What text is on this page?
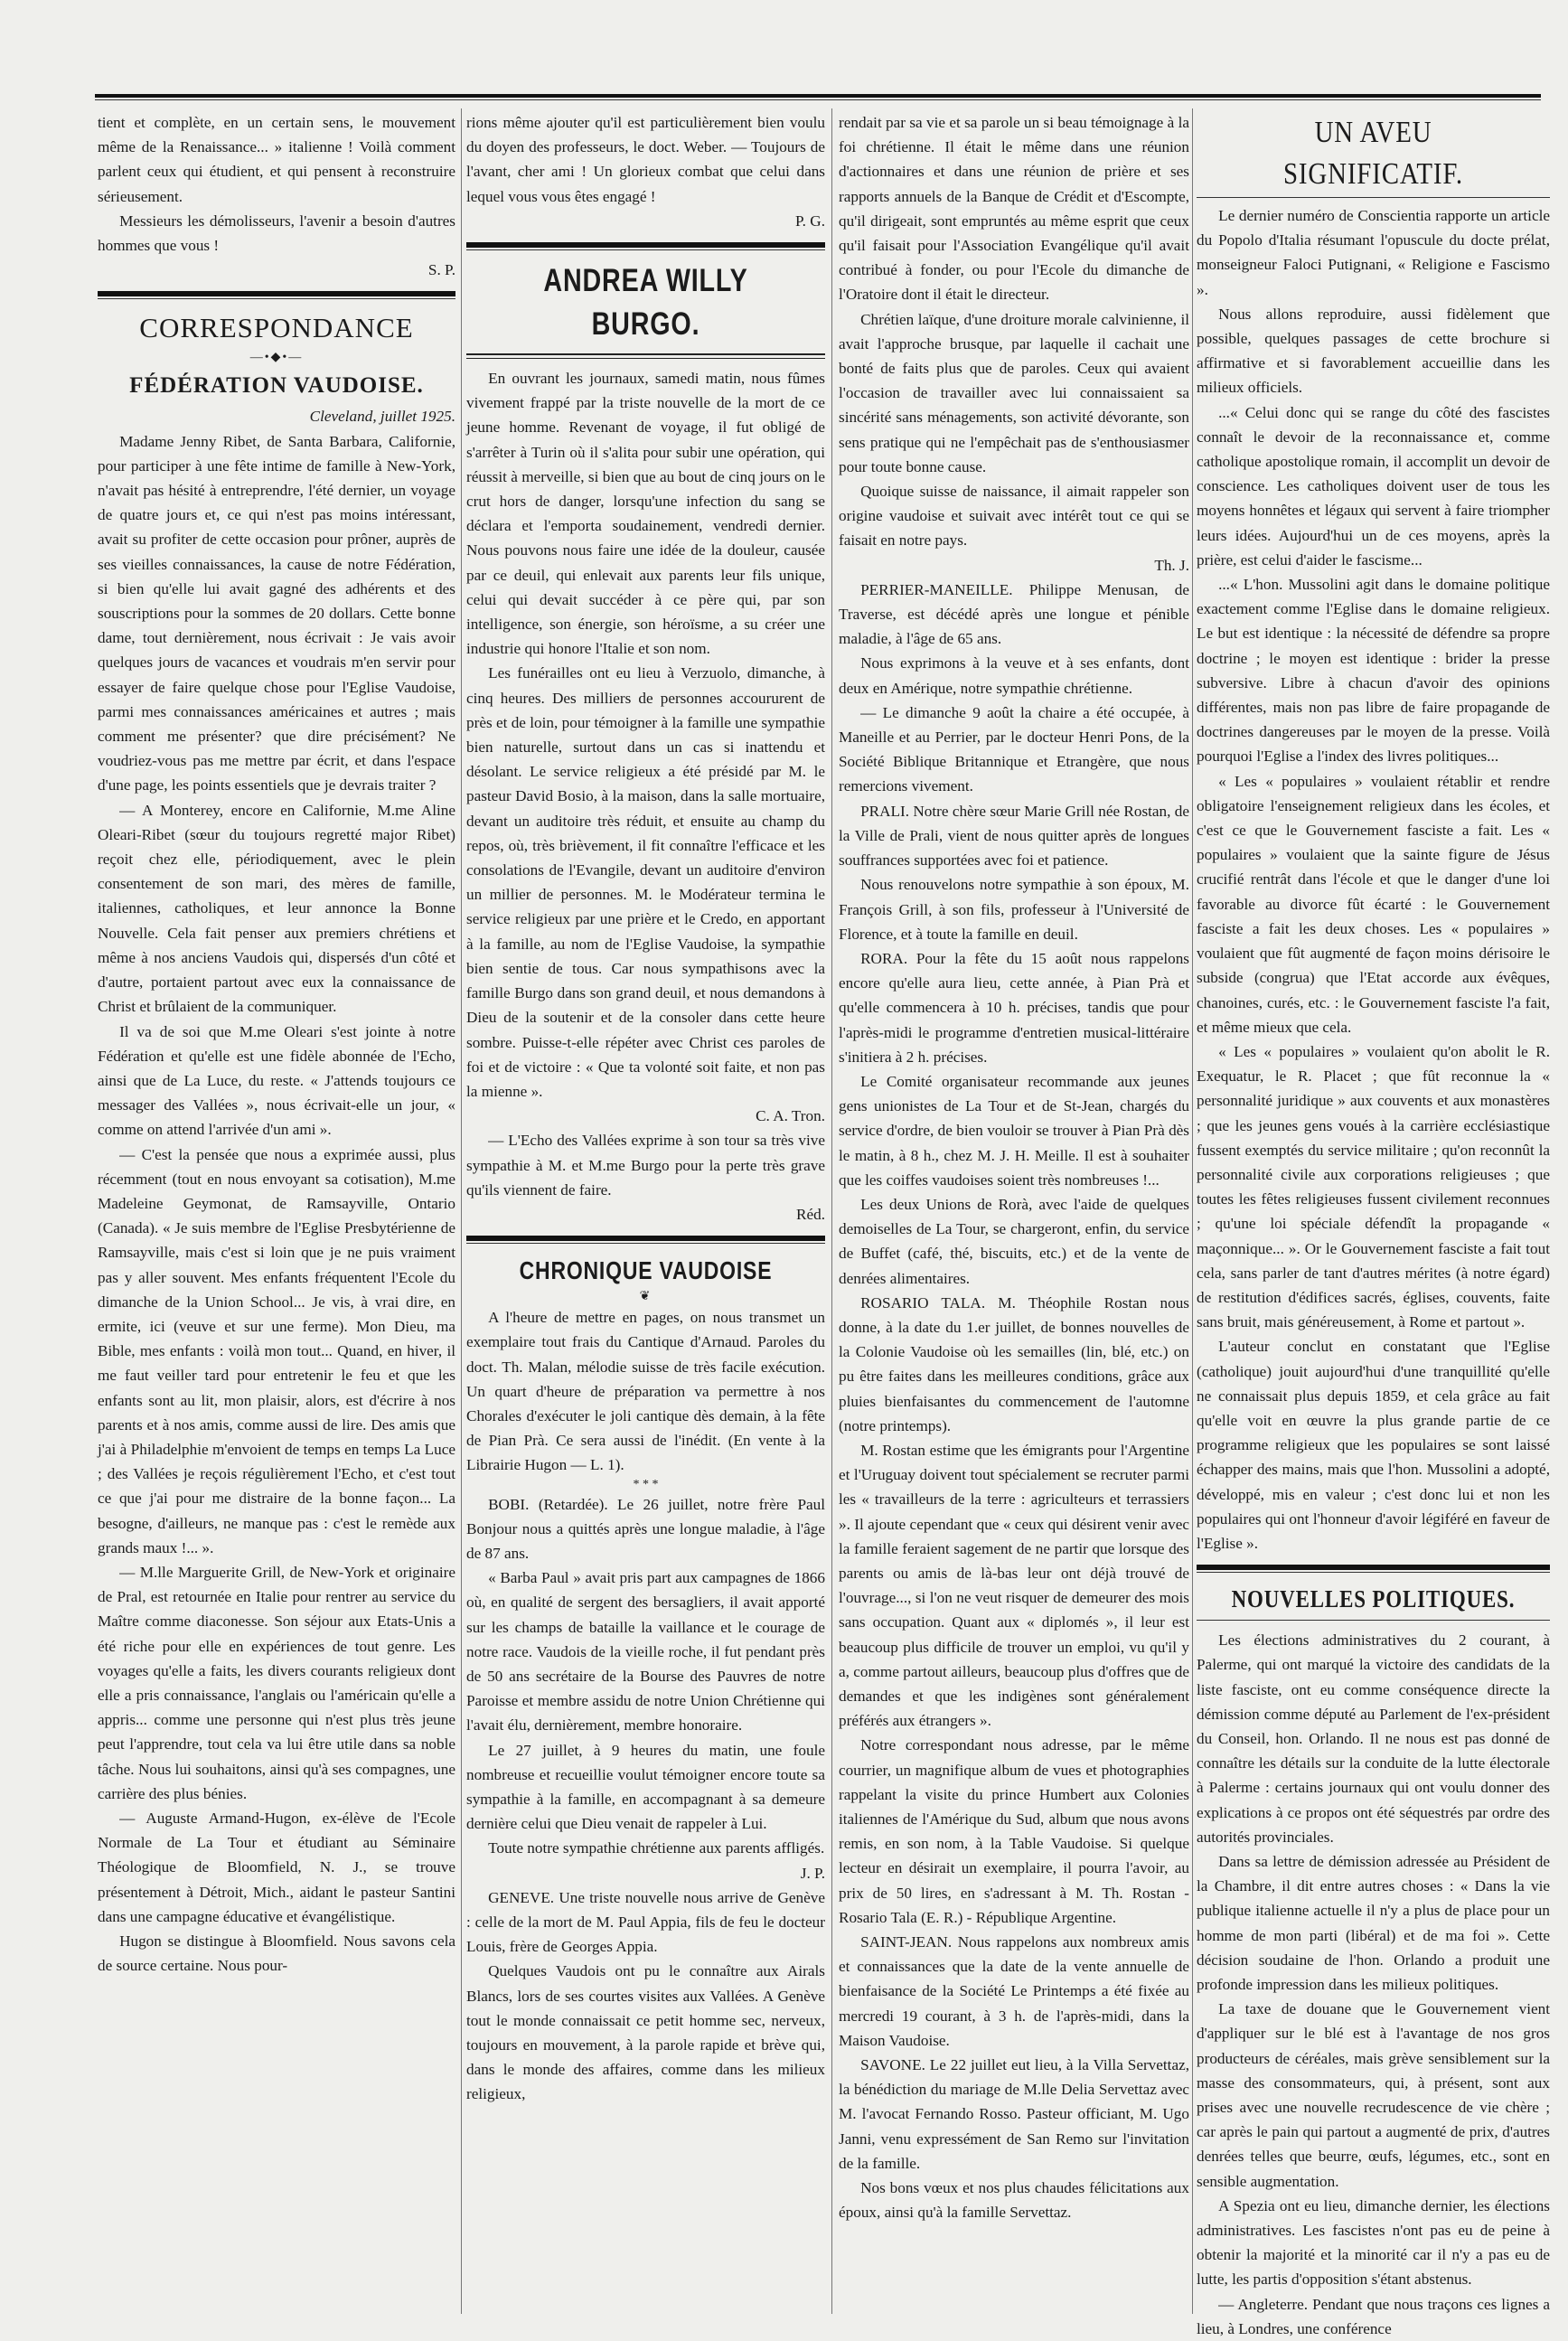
tient et complète, en un certain sens, le mouvement même de la Renaissance... » italienne ! Voilà comment parlent ceux qui étudient, et qui pensent à reconstruire sérieusement.

Messieurs les démolisseurs, l'avenir a besoin d'autres hommes que vous !

S. P.

CORRESPONDANCE
—•◆•—
FÉDÉRATION VAUDOISE.

Cleveland, juillet 1925.

Madame Jenny Ribet, de Santa Barbara, Californie, pour participer à une fête intime de famille à New-York, n'avait pas hésité à entreprendre, l'été dernier, un voyage de quatre jours et, ce qui n'est pas moins intéressant, avait su profiter de cette occasion pour prôner, auprès de ses vieilles connaissances, la cause de notre Fédération, si bien qu'elle lui avait gagné des adhérents et des souscriptions pour la sommes de 20 dollars. Cette bonne dame, tout dernièrement, nous écrivait : Je vais avoir quelques jours de vacances et voudrais m'en servir pour essayer de faire quelque chose pour l'Eglise Vaudoise, parmi mes connaissances américaines et autres ; mais comment me présenter? que dire précisément? Ne voudriez-vous pas me mettre par écrit, et dans l'espace d'une page, les points essentiels que je devrais traiter ?

— A Monterey, encore en Californie, M.me Aline Oleari-Ribet (sœur du toujours regretté major Ribet) reçoit chez elle, périodiquement, avec le plein consentement de son mari, des mères de famille, italiennes, catholiques, et leur annonce la Bonne Nouvelle. Cela fait penser aux premiers chrétiens et même à nos anciens Vaudois qui, dispersés d'un côté et d'autre, portaient partout avec eux la connaissance de Christ et brûlaient de la communiquer.

Il va de soi que M.me Oleari s'est jointe à notre Fédération et qu'elle est une fidèle abonnée de l'Echo, ainsi que de La Luce, du reste. « J'attends toujours ce messager des Vallées », nous écrivait-elle un jour, « comme on attend l'arrivée d'un ami ».

— C'est la pensée que nous a exprimée aussi, plus récemment (tout en nous envoyant sa cotisation), M.me Madeleine Geymonat, de Ramsayville, Ontario (Canada). « Je suis membre de l'Eglise Presbytérienne de Ramsayville, mais c'est si loin que je ne puis vraiment pas y aller souvent. Mes enfants fréquentent l'Ecole du dimanche de la Union School... Je vis, à vrai dire, en ermite, ici (veuve et sur une ferme). Mon Dieu, ma Bible, mes enfants : voilà mon tout... Quand, en hiver, il me faut veiller tard pour entretenir le feu et que les enfants sont au lit, mon plaisir, alors, est d'écrire à nos parents et à nos amis, comme aussi de lire. Des amis que j'ai à Philadelphie m'envoient de temps en temps La Luce ; des Vallées je reçois régulièrement l'Echo, et c'est tout ce que j'ai pour me distraire de la bonne façon... La besogne, d'ailleurs, ne manque pas : c'est le remède aux grands maux !... ».

— M.lle Marguerite Grill, de New-York et originaire de Pral, est retournée en Italie pour rentrer au service du Maître comme diaconesse. Son séjour aux Etats-Unis a été riche pour elle en expériences de tout genre. Les voyages qu'elle a faits, les divers courants religieux dont elle a pris connaissance, l'anglais ou l'américain qu'elle a appris... comme une personne qui n'est plus très jeune peut l'apprendre, tout cela va lui être utile dans sa noble tâche. Nous lui souhaitons, ainsi qu'à ses compagnes, une carrière des plus bénies.

— Auguste Armand-Hugon, ex-élève de l'Ecole Normale de La Tour et étudiant au Séminaire Théologique de Bloomfield, N. J., se trouve présentement à Détroit, Mich., aidant le pasteur Santini dans une campagne éducative et évangélistique.

Hugon se distingue à Bloomfield. Nous savons cela de source certaine. Nous pour-

rions même ajouter qu'il est particulièrement bien voulu du doyen des professeurs, le doct. Weber. — Toujours de l'avant, cher ami ! Un glorieux combat que celui dans lequel vous vous êtes engagé !

P. G.

ANDREA WILLY BURGO.

En ouvrant les journaux, samedi matin, nous fûmes vivement frappé par la triste nouvelle de la mort de ce jeune homme. Revenant de voyage, il fut obligé de s'arrêter à Turin où il s'alita pour subir une opération, qui réussit à merveille, si bien que au bout de cinq jours on le crut hors de danger, lorsqu'une infection du sang se déclara et l'emporta soudainement, vendredi dernier. Nous pouvons nous faire une idée de la douleur, causée par ce deuil, qui enlevait aux parents leur fils unique, celui qui devait succéder à ce père qui, par son intelligence, son énergie, son héroïsme, a su créer une industrie qui honore l'Italie et son nom.

Les funérailles ont eu lieu à Verzuolo, dimanche, à cinq heures. Des milliers de personnes accoururent de près et de loin, pour témoigner à la famille une sympathie bien naturelle, surtout dans un cas si inattendu et désolant. Le service religieux a été présidé par M. le pasteur David Bosio, à la maison, dans la salle mortuaire, devant un auditoire très réduit, et ensuite au champ du repos, où, très brièvement, il fit connaître l'efficace et les consolations de l'Evangile, devant un auditoire d'environ un millier de personnes. M. le Modérateur termina le service religieux par une prière et le Credo, en apportant à la famille, au nom de l'Eglise Vaudoise, la sympathie bien sentie de tous. Car nous sympathisons avec la famille Burgo dans son grand deuil, et nous demandons à Dieu de la soutenir et de la consoler dans cette heure sombre. Puisse-t-elle répéter avec Christ ces paroles de foi et de victoire : « Que ta volonté soit faite, et non pas la mienne ».

C. A. Tron.

— L'Echo des Vallées exprime à son tour sa très vive sympathie à M. et M.me Burgo pour la perte très grave qu'ils viennent de faire.

Réd.

CHRONIQUE VAUDOISE
❦

A l'heure de mettre en pages, on nous transmet un exemplaire tout frais du Cantique d'Arnaud. Paroles du doct. Th. Malan, mélodie suisse de très facile exécution. Un quart d'heure de préparation va permettre à nos Chorales d'exécuter le joli cantique dès demain, à la fête de Pian Prà. Ce sera aussi de l'inédit. (En vente à la Librairie Hugon — L. 1).

* * *

BOBI. (Retardée). Le 26 juillet, notre frère Paul Bonjour nous a quittés après une longue maladie, à l'âge de 87 ans.

« Barba Paul » avait pris part aux campagnes de 1866 où, en qualité de sergent des bersagliers, il avait apporté sur les champs de bataille la vaillance et le courage de notre race. Vaudois de la vieille roche, il fut pendant près de 50 ans secrétaire de la Bourse des Pauvres de notre Paroisse et membre assidu de notre Union Chrétienne qui l'avait élu, dernièrement, membre honoraire.

Le 27 juillet, à 9 heures du matin, une foule nombreuse et recueillie voulut témoigner encore toute sa sympathie à la famille, en accompagnant à sa demeure dernière celui que Dieu venait de rappeler à Lui.

Toute notre sympathie chrétienne aux parents affligés.

J. P.

GENEVE. Une triste nouvelle nous arrive de Genève : celle de la mort de M. Paul Appia, fils de feu le docteur Louis, frère de Georges Appia.

Quelques Vaudois ont pu le connaître aux Airals Blancs, lors de ses courtes visites aux Vallées. A Genève tout le monde connaissait ce petit homme sec, nerveux, toujours en mouvement, à la parole rapide et brève qui, dans le monde des affaires, comme dans les milieux religieux,

rendait par sa vie et sa parole un si beau témoignage à la foi chrétienne. Il était le même dans une réunion d'actionnaires et dans une réunion de prière et ses rapports annuels de la Banque de Crédit et d'Escompte, qu'il dirigeait, sont empruntés au même esprit que ceux qu'il faisait pour l'Association Evangélique qu'il avait contribué à fonder, ou pour l'Ecole du dimanche de l'Oratoire dont il était le directeur.

Chrétien laïque, d'une droiture morale calvinienne, il avait l'approche brusque, par laquelle il cachait une bonté de faits plus que de paroles. Ceux qui avaient l'occasion de travailler avec lui connaissaient sa sincérité sans ménagements, son activité dévorante, son sens pratique qui ne l'empêchait pas de s'enthousiasmer pour toute bonne cause.

Quoique suisse de naissance, il aimait rappeler son origine vaudoise et suivait avec intérêt tout ce qui se faisait en notre pays.

Th. J.

PERRIER-MANEILLE. Philippe Menusan, de Traverse, est décédé après une longue et pénible maladie, à l'âge de 65 ans.

Nous exprimons à la veuve et à ses enfants, dont deux en Amérique, notre sympathie chrétienne.

— Le dimanche 9 août la chaire a été occupée, à Maneille et au Perrier, par le docteur Henri Pons, de la Société Biblique Britannique et Etrangère, que nous remercions vivement.

PRALI. Notre chère sœur Marie Grill née Rostan, de la Ville de Prali, vient de nous quitter après de longues souffrances supportées avec foi et patience.

Nous renouvelons notre sympathie à son époux, M. François Grill, à son fils, professeur à l'Université de Florence, et à toute la famille en deuil.

RORA. Pour la fête du 15 août nous rappelons encore qu'elle aura lieu, cette année, à Pian Prà et qu'elle commencera à 10 h. précises, tandis que pour l'après-midi le programme d'entretien musical-littéraire s'initiera à 2 h. précises.

Le Comité organisateur recommande aux jeunes gens unionistes de La Tour et de St-Jean, chargés du service d'ordre, de bien vouloir se trouver à Pian Prà dès le matin, à 8 h., chez M. J. H. Meille. Il est à souhaiter que les coiffes vaudoises soient très nombreuses !...

Les deux Unions de Rorà, avec l'aide de quelques demoiselles de La Tour, se chargeront, enfin, du service de Buffet (café, thé, biscuits, etc.) et de la vente de denrées alimentaires.

ROSARIO TALA. M. Théophile Rostan nous donne, à la date du 1.er juillet, de bonnes nouvelles de la Colonie Vaudoise où les semailles (lin, blé, etc.) on pu être faites dans les meilleures conditions, grâce aux pluies bienfaisantes du commencement de l'automne (notre printemps).

M. Rostan estime que les émigrants pour l'Argentine et l'Uruguay doivent tout spécialement se recruter parmi les « travailleurs de la terre : agriculteurs et terrassiers ». Il ajoute cependant que « ceux qui désirent venir avec la famille feraient sagement de ne partir que lorsque des parents ou amis de là-bas leur ont déjà trouvé de l'ouvrage..., si l'on ne veut risquer de demeurer des mois sans occupation. Quant aux « diplomés », il leur est beaucoup plus difficile de trouver un emploi, vu qu'il y a, comme partout ailleurs, beaucoup plus d'offres que de demandes et que les indigènes sont généralement préférés aux étrangers ».

Notre correspondant nous adresse, par le même courrier, un magnifique album de vues et photographies rappelant la visite du prince Humbert aux Colonies italiennes de l'Amérique du Sud, album que nous avons remis, en son nom, à la Table Vaudoise. Si quelque lecteur en désirait un exemplaire, il pourra l'avoir, au prix de 50 lires, en s'adressant à M. Th. Rostan - Rosario Tala (E. R.) - République Argentine.

SAINT-JEAN. Nous rappelons aux nombreux amis et connaissances que la date de la vente annuelle de bienfaisance de la Société Le Printemps a été fixée au mercredi 19 courant, à 3 h. de l'après-midi, dans la Maison Vaudoise.

SAVONE. Le 22 juillet eut lieu, à la Villa Servettaz, la bénédiction du mariage de M.lle Delia Servettaz avec M. l'avocat Fernando Rosso. Pasteur officiant, M. Ugo Janni, venu expressément de San Remo sur l'invitation de la famille.

Nos bons vœux et nos plus chaudes félicitations aux époux, ainsi qu'à la famille Servettaz.

UN AVEU SIGNIFICATIF.

Le dernier numéro de Conscientia rapporte un article du Popolo d'Italia résumant l'opuscule du docte prélat, monseigneur Faloci Putignani, « Religione e Fascismo ».

Nous allons reproduire, aussi fidèlement que possible, quelques passages de cette brochure si affirmative et si favorablement accueillie dans les milieux officiels.

...« Celui donc qui se range du côté des fascistes connaît le devoir de la reconnaissance et, comme catholique apostolique romain, il accomplit un devoir de conscience. Les catholiques doivent user de tous les moyens honnêtes et légaux qui servent à faire triompher leurs idées. Aujourd'hui un de ces moyens, après la prière, est celui d'aider le fascisme...

...« L'hon. Mussolini agit dans le domaine politique exactement comme l'Eglise dans le domaine religieux. Le but est identique : la nécessité de défendre sa propre doctrine ; le moyen est identique : brider la presse subversive. Libre à chacun d'avoir des opinions différentes, mais non pas libre de faire propagande de doctrines dangereuses par le moyen de la presse. Voilà pourquoi l'Eglise a l'index des livres politiques...

« Les « populaires » voulaient rétablir et rendre obligatoire l'enseignement religieux dans les écoles, et c'est ce que le Gouvernement fasciste a fait. Les « populaires » voulaient que la sainte figure de Jésus crucifié rentrât dans l'école et que le danger d'une loi favorable au divorce fût écarté : le Gouvernement fasciste a fait les deux choses. Les « populaires » voulaient que fût augmenté de façon moins dérisoire le subside (congrua) que l'Etat accorde aux évêques, chanoines, curés, etc. : le Gouvernement fasciste l'a fait, et même mieux que cela.

« Les « populaires » voulaient qu'on abolit le R. Exequatur, le R. Placet ; que fût reconnue la « personnalité juridique » aux couvents et aux monastères ; que les jeunes gens voués à la carrière ecclésiastique fussent exemptés du service militaire ; qu'on reconnût la personnalité civile aux corporations religieuses ; que toutes les fêtes religieuses fussent civilement reconnues ; qu'une loi spéciale défendît la propagande « maçonnique... ». Or le Gouvernement fasciste a fait tout cela, sans parler de tant d'autres mérites (à notre égard) de restitution d'édifices sacrés, églises, couvents, faite sans bruit, mais généreusement, à Rome et partout ».

L'auteur conclut en constatant que l'Eglise (catholique) jouit aujourd'hui d'une tranquillité qu'elle ne connaissait plus depuis 1859, et cela grâce au fait qu'elle voit en œuvre la plus grande partie de ce programme religieux que les populaires se sont laissé échapper des mains, mais que l'hon. Mussolini a adopté, développé, mis en valeur ; c'est donc lui et non les populaires qui ont l'honneur d'avoir légiféré en faveur de l'Eglise ».

NOUVELLES POLITIQUES.

Les élections administratives du 2 courant, à Palerme, qui ont marqué la victoire des candidats de la liste fasciste, ont eu comme conséquence directe la démission comme député au Parlement de l'ex-président du Conseil, hon. Orlando. Il ne nous est pas donné de connaître les détails sur la conduite de la lutte électorale à Palerme : certains journaux qui ont voulu donner des explications à ce propos ont été séquestrés par ordre des autorités provinciales.

Dans sa lettre de démission adressée au Président de la Chambre, il dit entre autres choses : « Dans la vie publique italienne actuelle il n'y a plus de place pour un homme de mon parti (libéral) et de ma foi ». Cette décision soudaine de l'hon. Orlando a produit une profonde impression dans les milieux politiques.

La taxe de douane que le Gouvernement vient d'appliquer sur le blé est à l'avantage de nos gros producteurs de céréales, mais grève sensiblement sur la masse des consommateurs, qui, à présent, sont aux prises avec une nouvelle recrudescence de vie chère ; car après le pain qui partout a augmenté de prix, d'autres denrées telles que beurre, œufs, légumes, etc., sont en sensible augmentation.

A Spezia ont eu lieu, dimanche dernier, les élections administratives. Les fascistes n'ont pas eu de peine à obtenir la majorité et la minorité car il n'y a pas eu de lutte, les partis d'opposition s'étant abstenus.

— Angleterre. Pendant que nous traçons ces lignes a lieu, à Londres, une conférence
